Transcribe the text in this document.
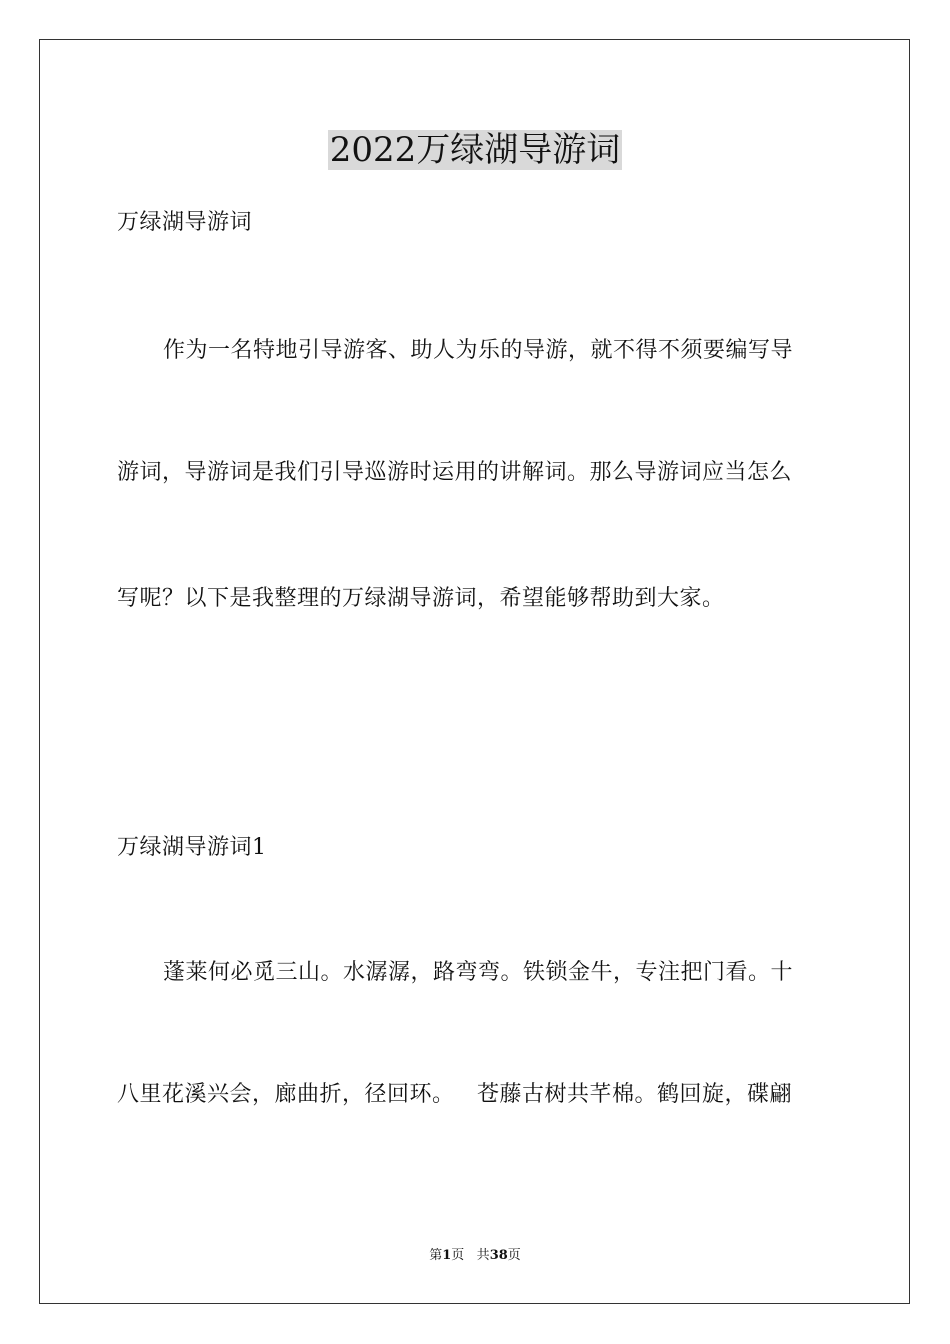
2022万绿湖导游词
万绿湖导游词
作为一名特地引导游客、助人为乐的导游，就不得不须要编写导
游词，导游词是我们引导巡游时运用的讲解词。那么导游词应当怎么
写呢？以下是我整理的万绿湖导游词，希望能够帮助到大家。
万绿湖导游词1
蓬莱何必觅三山。水潺潺，路弯弯。铁锁金牛，专注把门看。十
八里花溪兴会，廊曲折，径回环。   苍藤古树共芊棉。鹤回旋，碟翩
第1页 共38页
